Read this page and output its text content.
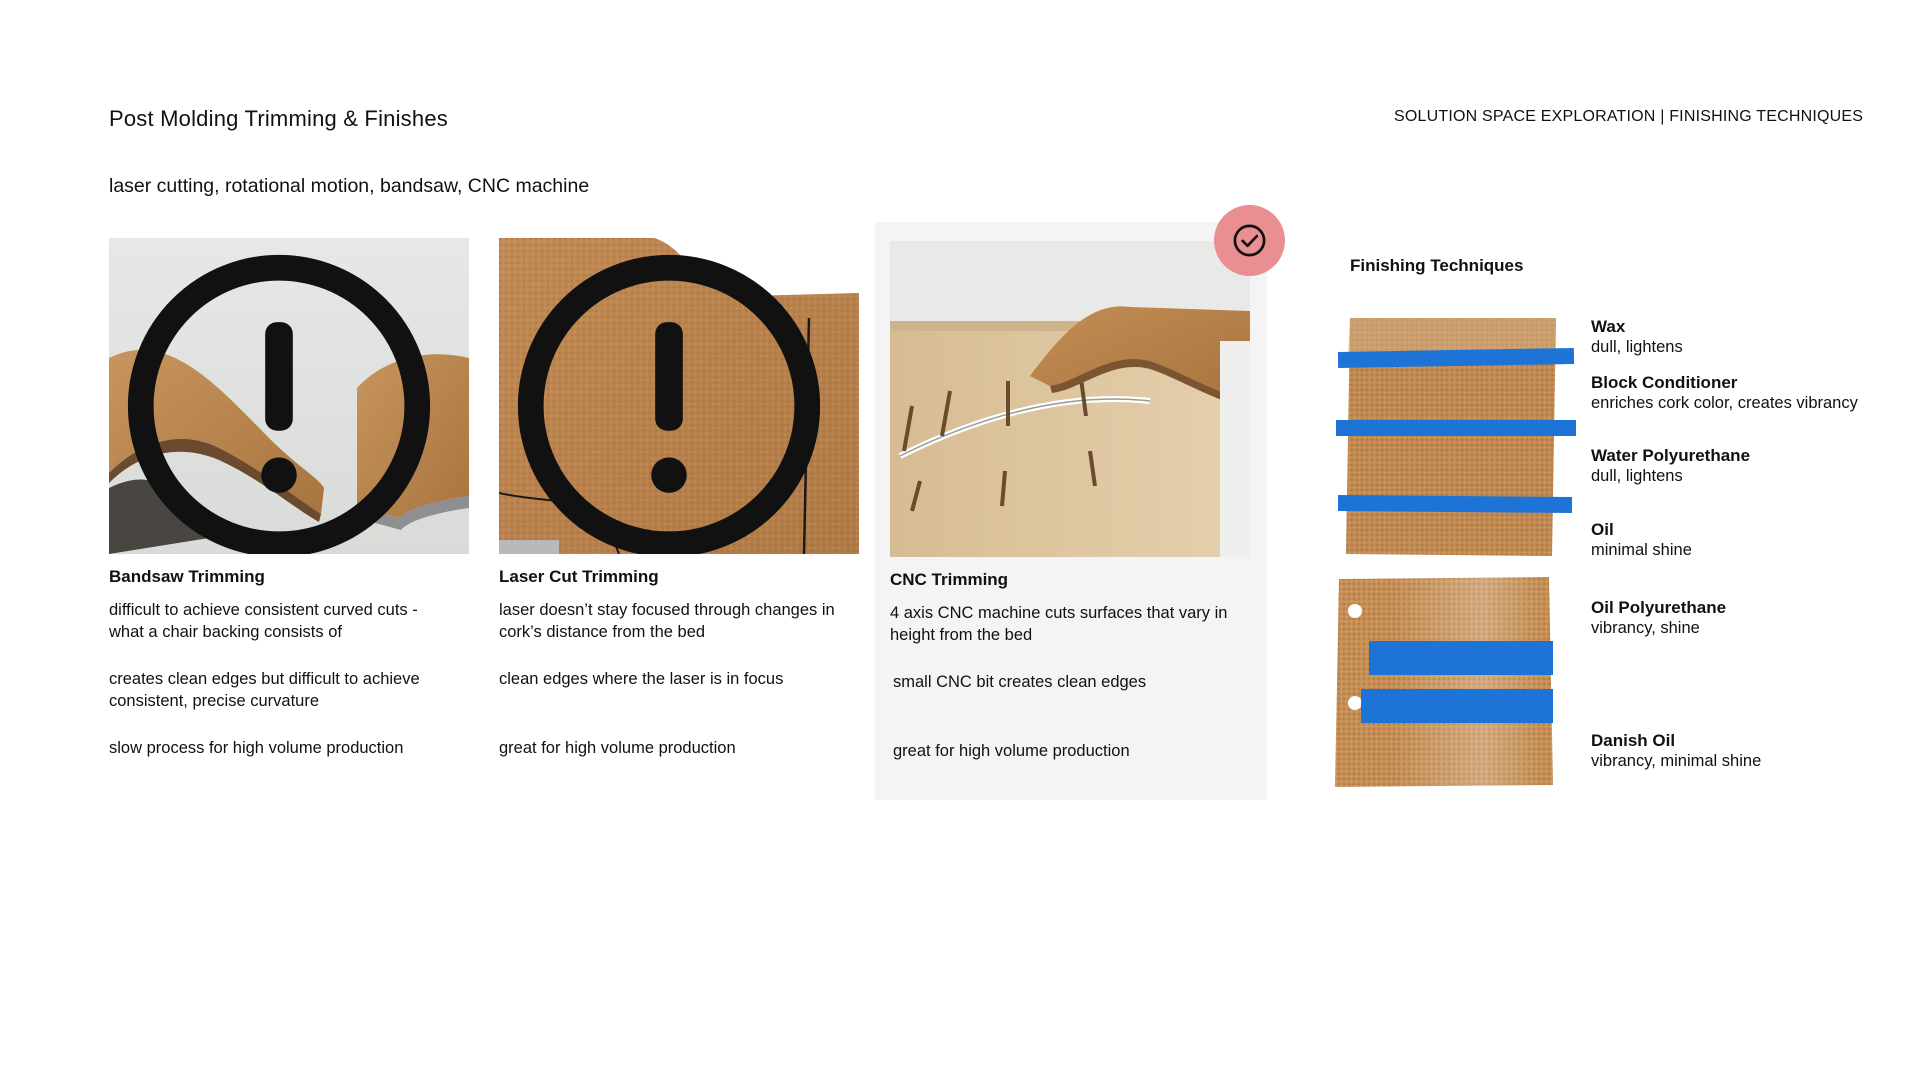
Post Molding Trimming & Finishes	SOLUTION SPACE EXPLORATION | FINISHING TECHNIQUES
laser cutting, rotational motion, bandsaw, CNC machine
Bandsaw Trimming
difficult to achieve consistent curved cuts - what a chair backing consists of
creates clean edges but difficult to achieve consistent, precise curvature
slow process for high volume production
Laser Cut Trimming
laser doesn’t stay focused through changes in cork’s distance from the bed
clean edges where the laser is in focus
great for high volume production
CNC Trimming
4 axis CNC machine cuts surfaces that vary in height from the bed
small CNC bit creates clean edges
great for high volume production
Finishing Techniques
Wax
dull, lightens
Block Conditioner
enriches cork color, creates vibrancy
Water Polyurethane
dull, lightens
Oil
minimal shine
Oil Polyurethane
vibrancy, shine
Danish Oil
vibrancy, minimal shine
